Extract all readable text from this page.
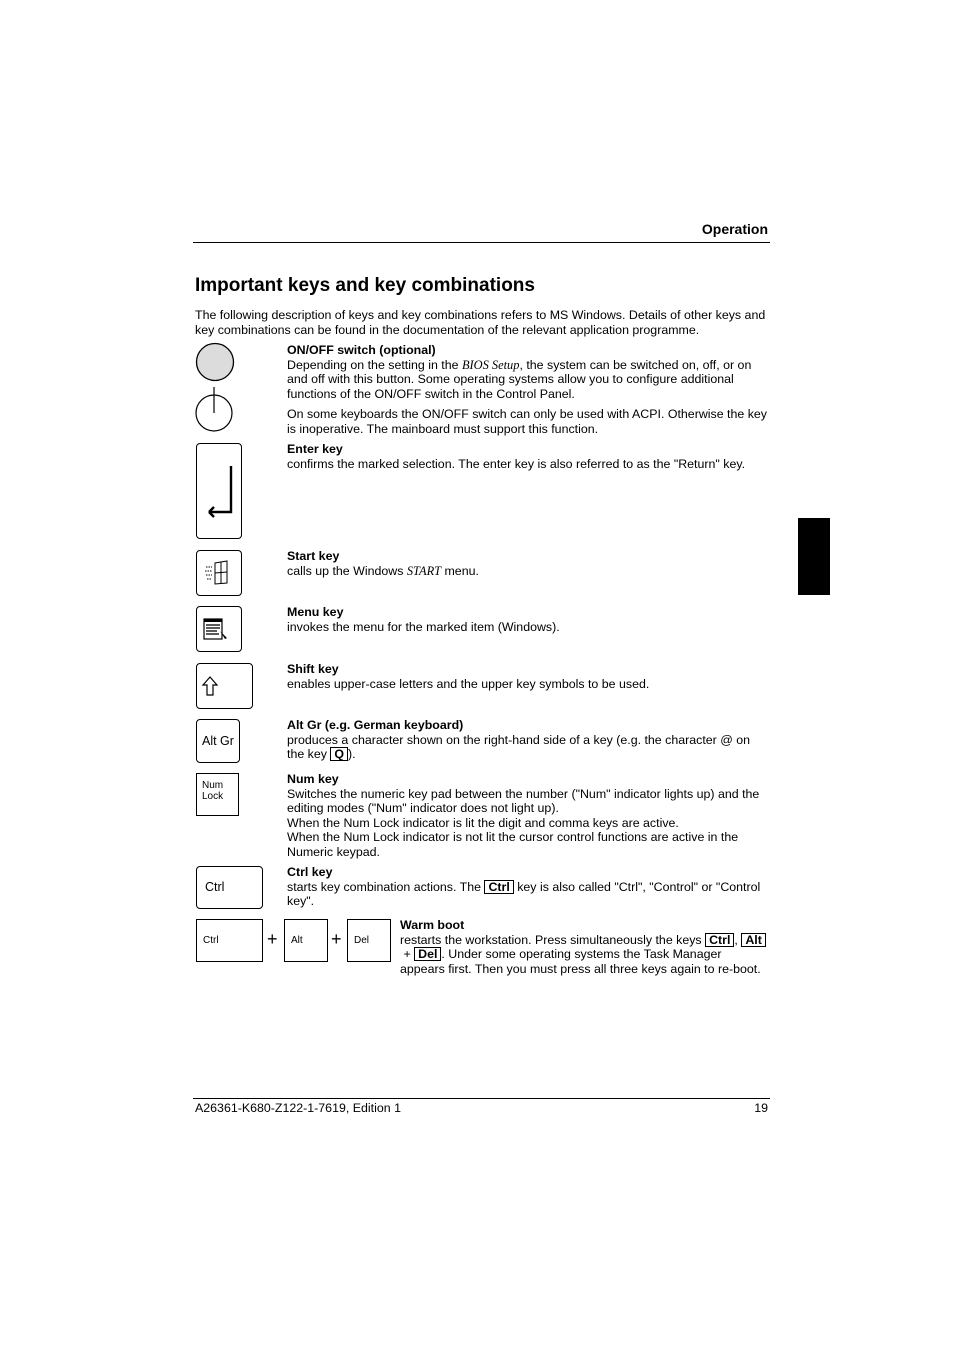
Operation
Important keys and key combinations
The following description of keys and key combinations refers to MS Windows. Details of other keys and key combinations can be found in the documentation of the relevant application programme.
ON/OFF switch (optional)

Depending on the setting in the BIOS Setup, the system can be switched on, off, or on and off with this button. Some operating systems allow you to configure additional functions of the ON/OFF switch in the Control Panel.

On some keyboards the ON/OFF switch can only be used with ACPI. Otherwise the key is inoperative. The mainboard must support this function.

Enter key

confirms the marked selection. The enter key is also referred to as the "Return" key.

Start key

calls up the Windows START menu.

Menu key

invokes the menu for the marked item (Windows).

Shift key

enables upper-case letters and the upper key symbols to be used.

Alt Gr
Alt Gr (e.g. German keyboard)

produces a character shown on the right-hand side of a key (e.g. the character @ on the key Q ).

Num
Lock
Num key

Switches the numeric key pad between the number ("Num" indicator lights up) and the editing modes ("Num" indicator does not light up).

When the Num Lock indicator is lit the digit and comma keys are active.

When the Num Lock indicator is not lit the cursor control functions are active in the Numeric keypad.

Ctrl
Ctrl key

starts key combination actions. The Ctrl key is also called "Ctrl", "Control" or "Control key".

Ctrl	+ Alt + Del
Warm boot

restarts the workstation. Press simultaneously the keys Ctrl , Alt + Del . Under some operating systems the Task Manager appears first. Then you must press all three keys again to re-boot.

A26361-K680-Z122-1-7619, Edition 1	19
